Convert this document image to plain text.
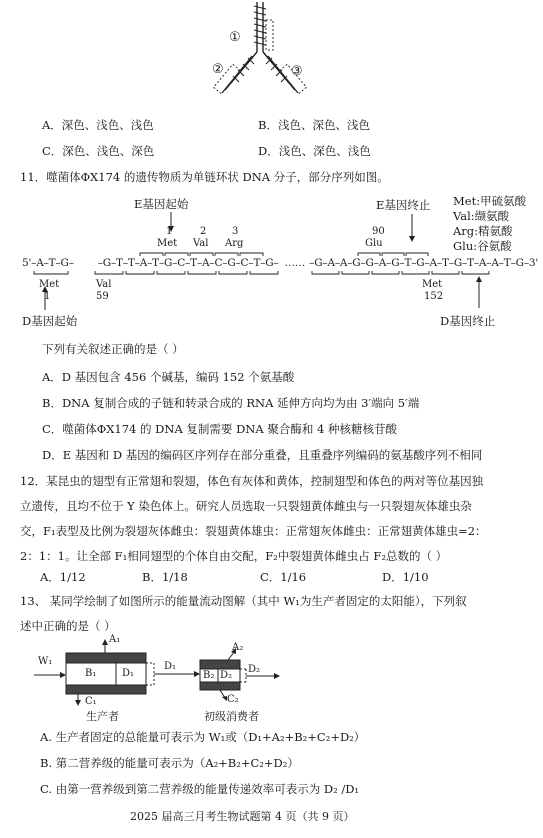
①
②	③
A．深色、浅色、浅色	B．浅色、深色、浅色
C．深色、浅色、深色	D．浅色、深色、浅色
11．噬菌体ΦX174 的遗传物质为单链环状 DNA 分子，部分序列如图。
E基因起始	E基因终止 Met:甲硫氨酸
Val:缬氨酸
Arg:精氨酸
Glu:谷氨酸
1	2	3	90
Met Val Arg	Glu
5'–A–T–G– –G–T–T–A–T–G–C–T–A–C–G–C–T–G– …… –G–A–A–G–G–A–G–T–G–A–T–G–T–A–A–T–G–3'
Met
1
Val
59
Met
152
D基因起始	D基因终止
下列有关叙述正确的是（ ）
A．D 基因包含 456 个碱基，编码 152 个氨基酸
B．DNA 复制合成的子链和转录合成的 RNA 延伸方向均为由 3′端向 5′端
C．噬菌体ΦX174 的 DNA 复制需要 DNA 聚合酶和 4 种核糖核苷酸
D．E 基因和 D 基因的编码区序列存在部分重叠，且重叠序列编码的氨基酸序列不相同
12．某昆虫的翅型有正常翅和裂翅，体色有灰体和黄体，控制翅型和体色的两对等位基因独
立遗传，且均不位于 Y 染色体上。研究人员选取一只裂翅黄体雌虫与一只裂翅灰体雄虫杂
交，F₁表型及比例为裂翅灰体雌虫：裂翅黄体雄虫：正常翅灰体雌虫：正常翅黄体雄虫=2：
2：1：1。让全部 F₁相同翅型的个体自由交配，F₂中裂翅黄体雌虫占 F₂总数的（ ）
A．1/12	B．1/18	C．1/16	D．1/10
13、 某同学绘制了如图所示的能量流动图解（其中 W₁为生产者固定的太阳能），下列叙
述中正确的是（ ）
W₁
A₁
B₁	D₁
C₁
D₁
A₂
B₂ D₂
C₂
D₂
生产者	初级消费者
A. 生产者固定的总能量可表示为 W₁或（D₁+A₂+B₂+C₂+D₂）
B. 第二营养级的能量可表示为（A₂+B₂+C₂+D₂）
C. 由第一营养级到第二营养级的能量传递效率可表示为 D₂ /D₁
2025 届高三月考生物试题第 4 页（共 9 页）
